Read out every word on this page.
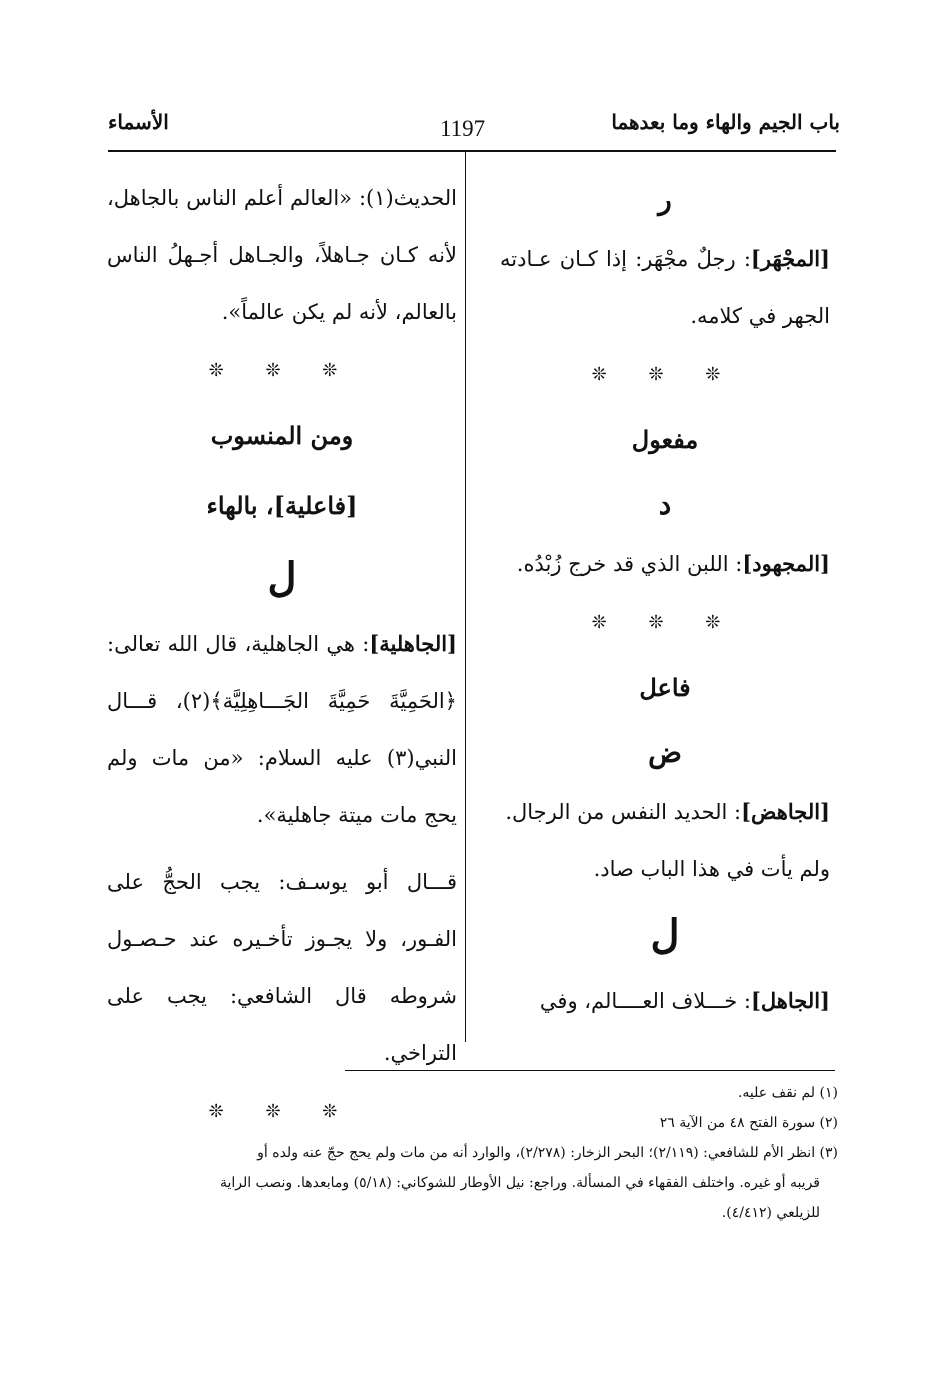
باب الجيم والهاء وما بعدهما
1197
الأسماء
ر
[المجْهَر]: رجلٌ مجْهَر: إذا كـان عـادته الجهر في كلامه.
❊ ❊ ❊
مفعول
د
[المجهود]: اللبن الذي قد خرج زُبْدُه.
❊ ❊ ❊
فاعل
ض
[الجاهض]: الحديد النفس من الرجال.
ولم يأت في هذا الباب صاد.
ل
[الجاهل]: خـــلاف العــــالم، وفي
الحديث(١): «العالم أعلم الناس بالجاهل، لأنه كـان جـاهلاً، والجـاهل أجـهلُ الناس بالعالم، لأنه لم يكن عالماً».
❊ ❊ ❊
ومن المنسوب
[فاعلية]، بالهاء
ل
[الجاهلية]: هي الجاهلية، قال الله تعالى: ﴿الحَمِيَّةَ حَمِيَّةَ الجَـــاهِلِيَّة﴾(٢)، قـــال النبي(٣) عليه السلام: «من مات ولم يحج مات ميتة جاهلية».
قـــال أبو يوسـف: يجب الحجُّ على الفـور، ولا يجـوز تأخـيره عند حـصـول شروطه قال الشافعي: يجب على التراخي.
❊ ❊ ❊

(١) لم نقف عليه.

(٢) سورة الفتح ٤٨ من الآية ٢٦

(٣) انظر الأم للشافعي: (٢/١١٩)؛ البحر الزخار: (٢/٢٧٨)، والوارد أنه من مات ولم يحج حجّ عنه ولده أو

قريبه أو غيره. واختلف الفقهاء في المسألة. وراجع: نيل الأوطار للشوكاني: (٥/١٨) ومابعدها. ونصب الراية

للزيلعي (٤/٤١٢).
